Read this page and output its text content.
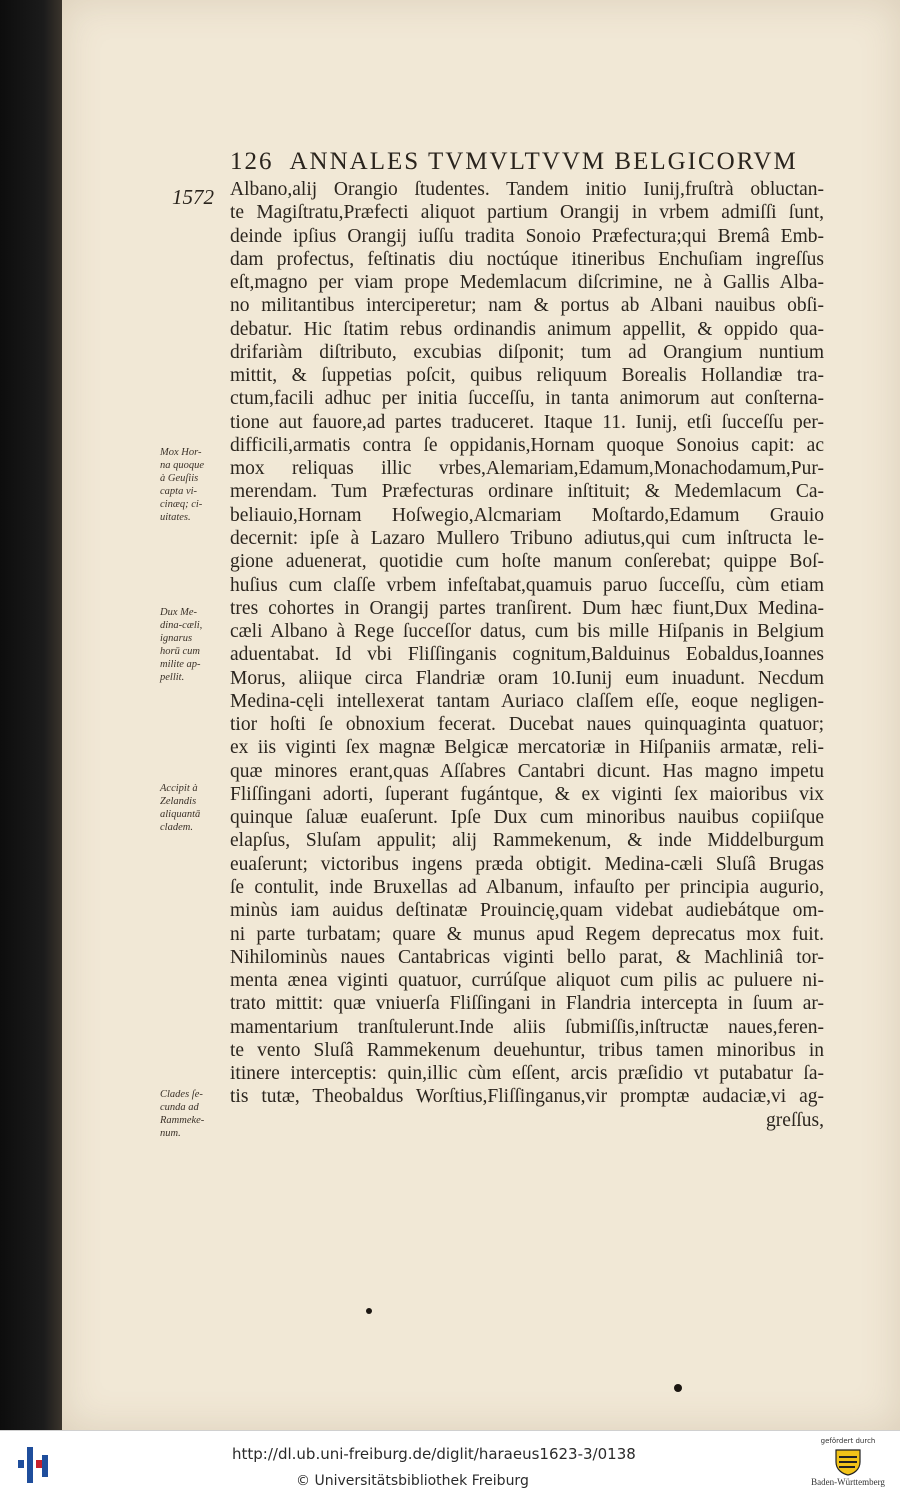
126 ANNALES TVMVLTVVM BELGICORVM
1572 Albano,alij Orangio ſtudentes. Tandem initio Iunij,fruſtrà obluctan-
te Magiſtratu,Præfecti aliquot partium Orangij in vrbem admiſſi ſunt,
deinde ipſius Orangij iuſſu tradita Sonoio Præfectura;qui Bremâ Emb-
dam profectus, feſtinatis diu noctúque itineribus Enchuſiam ingreſſus
eſt,magno per viam prope Medemlacum diſcrimine, ne à Gallis Alba-
no militantibus interciperetur; nam & portus ab Albani nauibus obſi-
debatur. Hic ſtatim rebus ordinandis animum appellit, & oppido qua-
drifariàm diſtributo, excubias diſponit; tum ad Orangium nuntium
mittit, & ſuppetias poſcit, quibus reliquum Borealis Hollandiæ tra-
ctum,facili adhuc per initia ſucceſſu, in tanta animorum aut conſterna-
tione aut fauore,ad partes traduceret. Itaque 11. Iunij, etſi ſucceſſu per-
difficili,armatis contra ſe oppidanis,Hornam quoque Sonoius capit: ac
mox reliquas illic vrbes,Alemariam,Edamum,Monachodamum,Pur-
merendam. Tum Præfecturas ordinare inſtituit; & Medemlacum Ca-
beliauio,Hornam Hoſwegio,Alcmariam Moſtardo,Edamum Grauio
decernit: ipſe à Lazaro Mullero Tribuno adiutus,qui cum inſtructa le-
gione aduenerat, quotidie cum hoſte manum conſerebat; quippe Boſ-
huſius cum claſſe vrbem infeſtabat,quamuis paruo ſucceſſu, cùm etiam
tres cohortes in Orangij partes tranſirent. Dum hæc fiunt,Dux Medina-
cæli Albano à Rege ſucceſſor datus, cum bis mille Hiſpanis in Belgium
aduentabat. Id vbi Fliſſinganis cognitum,Balduinus Eobaldus,Ioannes
Morus, aliique circa Flandriæ oram 10.Iunij eum inuadunt. Necdum
Medina-cęli intellexerat tantam Auriaco claſſem eſſe, eoque negligen-
tior hoſti ſe obnoxium fecerat. Ducebat naues quinquaginta quatuor;
ex iis viginti ſex magnæ Belgicæ mercatoriæ in Hiſpaniis armatæ, reli-
quæ minores erant,quas Aſſabres Cantabri dicunt. Has magno impetu
Fliſſingani adorti, ſuperant fugántque, & ex viginti ſex maioribus vix
quinque ſaluæ euaſerunt. Ipſe Dux cum minoribus nauibus copiiſque
elapſus, Sluſam appulit; alij Rammekenum, & inde Middelburgum
euaſerunt; victoribus ingens præda obtigit. Medina-cæli Sluſâ Brugas
ſe contulit, inde Bruxellas ad Albanum, infauſto per principia augurio,
minùs iam auidus deſtinatæ Prouincię,quam videbat audiebátque om-
ni parte turbatam; quare & munus apud Regem deprecatus mox fuit.
Nihilominùs naues Cantabricas viginti bello parat, & Machliniâ tor-
menta ænea viginti quatuor, currúſque aliquot cum pilis ac puluere ni-
trato mittit: quæ vniuerſa Fliſſingani in Flandria intercepta in ſuum ar-
mamentarium tranſtulerunt.Inde aliis ſubmiſſis,inſtructæ naues,feren-
te vento Sluſâ Rammekenum deuehuntur, tribus tamen minoribus in
itinere interceptis: quin,illic cùm eſſent, arcis præſidio vt putabatur ſa-
tis tutæ, Theobaldus Worſtius,Fliſſinganus,vir promptæ audaciæ,vi ag-
greſſus,
Mox Hor-
na quoque
à Geuſiis
capta vi-
cinæq; ci-
uitates.
Dux Me-
dina-cæli,
ignarus
horū cum
milite ap-
pellit.
Accipit à
Zelandis
aliquantā
cladem.
Clades ſe-
cunda ad
Rammeke-
num.
http://dl.ub.uni-freiburg.de/diglit/haraeus1623-3/0138
© Universitätsbibliothek Freiburg
gefördert durch
Baden-Württemberg
